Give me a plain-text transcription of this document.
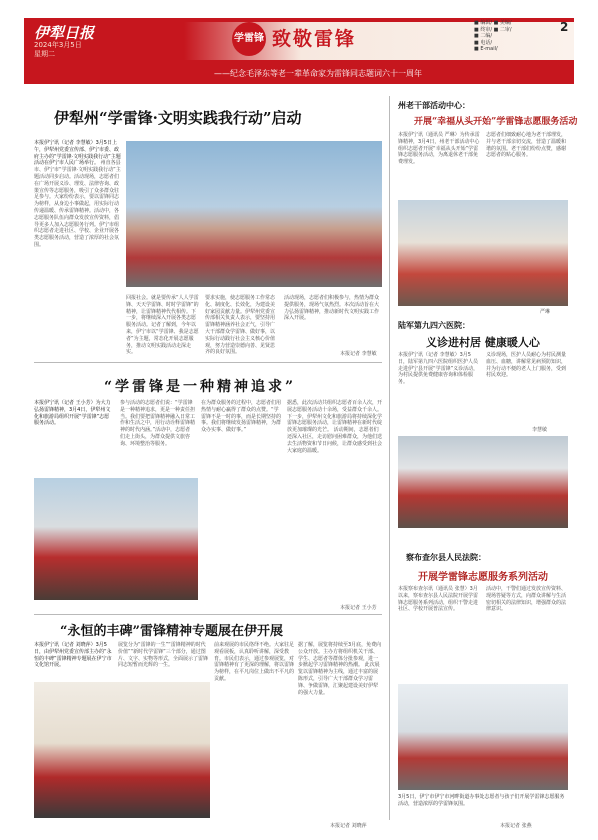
伊犁日报
2024年3月5日
星期二
学雷锋 致敬雷锋
——纪念毛泽东等老一辈革命家为雷锋同志题词六十一周年
■ 编辑/ ■ 美编/
■ 终审/ ■ 二审/
■ 二编/
■ 电话/
■ E-mail/
2
伊犁州“学雷锋·文明实践我行动”启动
本报伊宁讯（记者 李慧敏）3月5日上午，伊犁州党委宣传部、伊宁市委、政府主办的“学雷锋·文明实践我行动”主题活动在伊宁市人民广场举行。 州直各县市、伊宁市“学雷锋·文明实践我行动”主题活动同步启动。活动现场，志愿者们在广场开展义诊、理发、法律咨询、政策宣传等志愿服务，吸引了众多群众驻足参与。大家纷纷表示，要以雷锋同志为榜样，从身边小事做起，用实际行动传递温暖、传承雷锋精神。活动中，各志愿服务队伍向群众发放宣传资料，倡导更多人加入志愿服务行列。伊宁市组织志愿者走进社区、学校、企业开展各类志愿服务活动，营造了浓厚的社会氛围。
回报社会。就是要传承“人人学雷锋、天天学雷锋、时时学雷锋”的精神，让雷锋精神代代相传。下一步，将继续深入开展各类志愿服务活动。记者了解到，今年以来，伊宁市以“学雷锋、我是志愿者”为主题，常态化开展志愿服务，推动文明实践活动走深走实。
要求实施，使志愿服务工作常态化、制度化、长效化，为建设美好家园贡献力量。伊犁州党委宣传部相关负责人表示，要坚持用雷锋精神涵养社会正气，引导广大干部群众学雷锋、做好事，以实际行动践行社会主义核心价值观，努力营造崇德向善、见贤思齐的良好氛围。
活动现场，志愿者们积极参与，热情为群众提供服务，现场气氛热烈。本次活动旨在大力弘扬雷锋精神，推动新时代文明实践工作深入开展。
本报记者 李慧敏
“学雷锋是一种精神追求”
本报伊宁讯（记者 王小芳）为大力弘扬雷锋精神，3月4日，伊犁州文化和旅游局组织开展“学雷锋”志愿服务活动。
参与活动的志愿者们说：“学雷锋是一种精神追求，更是一种责任担当。我们要把雷锋精神融入日常工作和生活之中，用行动诠释雷锋精神的时代内涵。”活动中，志愿者们走上街头，为群众提供文旅咨询、环境整治等服务。
在为群众服务的过程中，志愿者们用热情与耐心赢得了群众的点赞。“学雷锋不是一时的事，而是长期坚持的事。我们将继续发扬雷锋精神，为群众办实事、做好事。”
据悉，此次活动共组织志愿者百余人次，开展志愿服务活动十余场，受益群众千余人。下一步，伊犁州文化和旅游局将持续深化学雷锋志愿服务活动，让雷锋精神在新时代绽放更加璀璨的光芒。 活动期间，志愿者们还深入社区，走访慰问困难群众，为他们送去生活物资和节日问候，让群众感受到社会大家庭的温暖。
本报记者 王小芳
“永恒的丰碑”雷锋精神专题展在伊开展
本报伊宁讯（记者 刘晓萍）3月5日，由伊犁州党委宣传部主办的“永恒的丰碑”雷锋精神专题展在伊宁市文化馆开展。
展览分为“雷锋的一生”“雷锋精神的时代价值”“新时代学雷锋”三个部分，通过图片、文字、实物等形式，全面展示了雷锋同志短暂而光辉的一生。
前来观展的市民络绎不绝。大家驻足观看展板，认真聆听讲解，深受教育。市民们表示，通过参观展览，对雷锋精神有了更深的理解，将以雷锋为榜样，在平凡岗位上做出不平凡的贡献。
据了解，展览将持续至3月底，免费向公众开放。主办方将组织机关干部、学生、志愿者等群体分批参观，进一步掀起学习雷锋精神的热潮。 此次展览以雷锋精神为主线，通过丰富的展陈形式，引导广大干部群众学习雷锋、争做雷锋，汇聚起建设美好伊犁的强大力量。
本报记者 刘晓萍
州老干部活动中心：
开展“幸福从头开始”学雷锋志愿服务活动
本报伊宁讯（通讯员 严琳）为传承雷锋精神，3月4日，州老干部活动中心组织志愿者开展“幸福从头开始”学雷锋志愿服务活动，为离退休老干部免费理发。
志愿者们细致耐心地为老干部理发，并与老干部亲切交流，营造了温暖和谐的氛围。老干部们纷纷点赞，感谢志愿者的贴心服务。
严琳
陆军第九四六医院：
义诊进村居 健康暖人心
本报伊宁讯（记者 李慧敏）3月5日，陆军第九四六医院组织医护人员走进伊宁县开展“学雷锋”义诊活动，为村民提供免费健康咨询和体检服务。
义诊现场，医护人员耐心为村民测量血压、血糖，讲解常见病预防知识，并为行动不便的老人上门服务，受到村民欢迎。
李慧敏
察布查尔县人民法院：
开展学雷锋志愿服务系列活动
本报察布查尔讯（通讯员 张慧）3月以来，察布查尔县人民法院开展学雷锋志愿服务系列活动，组织干警走进社区、学校开展普法宣传。
活动中，干警们通过发放宣传资料、现场答疑等方式，向群众讲解与生活密切相关的法律知识，增强群众的法律意识。
3月5日，伊宁市伊宁市河畔街道办事处志愿者与孩子们开展学雷锋志愿服务活动，营造浓厚的学雷锋氛围。
本报记者 张燕
